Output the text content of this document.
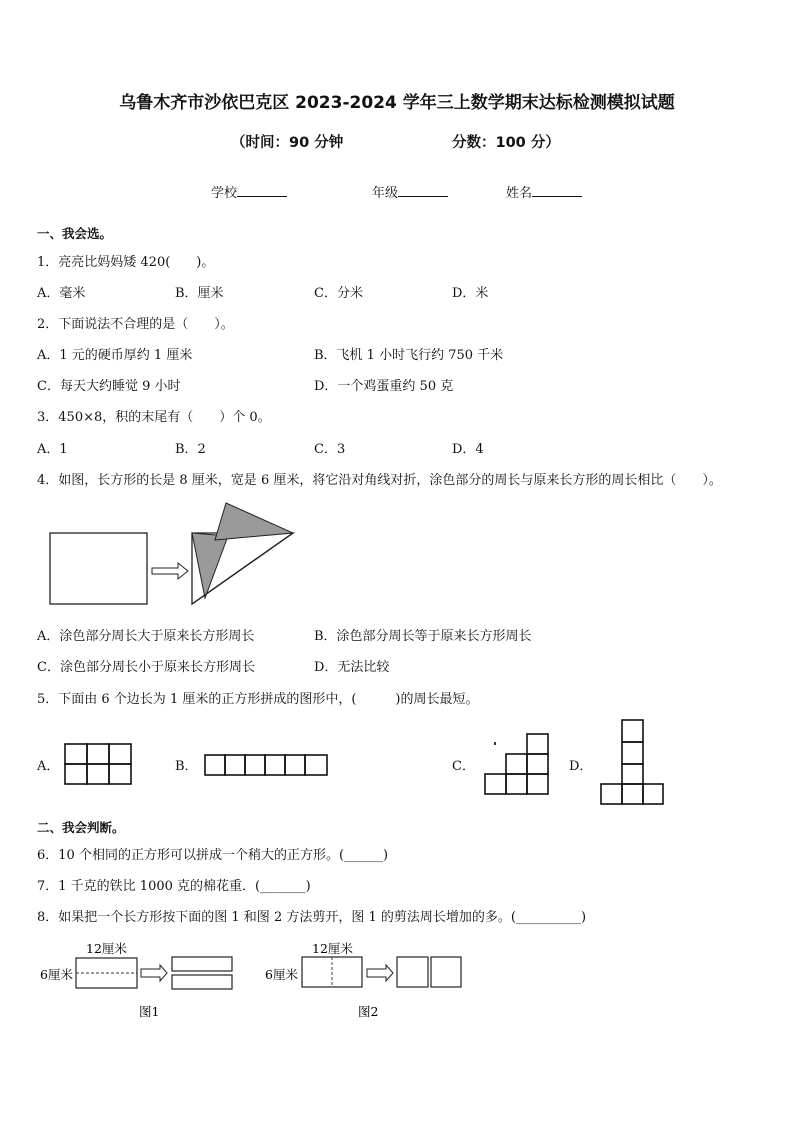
乌鲁木齐市沙依巴克区 2023-2024 学年三上数学期末达标检测模拟试题
（时间：90 分钟	分数：100 分）
学校	年级	姓名
一、我会选。
1．亮亮比妈妈矮 420(　　)。
A．毫米	B．厘米	C．分米	D．米
2．下面说法不合理的是（　　）。
A．1 元的硬币厚约 1 厘米	B．飞机 1 小时飞行约 750 千米
C．每天大约睡觉 9 小时	D．一个鸡蛋重约 50 克
3．450×8，积的末尾有（　　）个 0。
A．1	B．2	C．3	D．4
4．如图，长方形的长是 8 厘米，宽是 6 厘米，将它沿对角线对折，涂色部分的周长与原来长方形的周长相比（　　）。
A．涂色部分周长大于原来长方形周长	B．涂色部分周长等于原来长方形周长
C．涂色部分周长小于原来长方形周长	D．无法比较
5．下面由 6 个边长为 1 厘米的正方形拼成的图形中，(　　　)的周长最短。
A．	B．	C．	D．
二、我会判断。
6．10 个相同的正方形可以拼成一个稍大的正方形。(______)
7．1 千克的铁比 1000 克的棉花重．(_______)
8．如果把一个长方形按下面的图 1 和图 2 方法剪开，图 1 的剪法周长增加的多。(__________)
12厘米
6厘米
图1
12厘米
6厘米
图2
